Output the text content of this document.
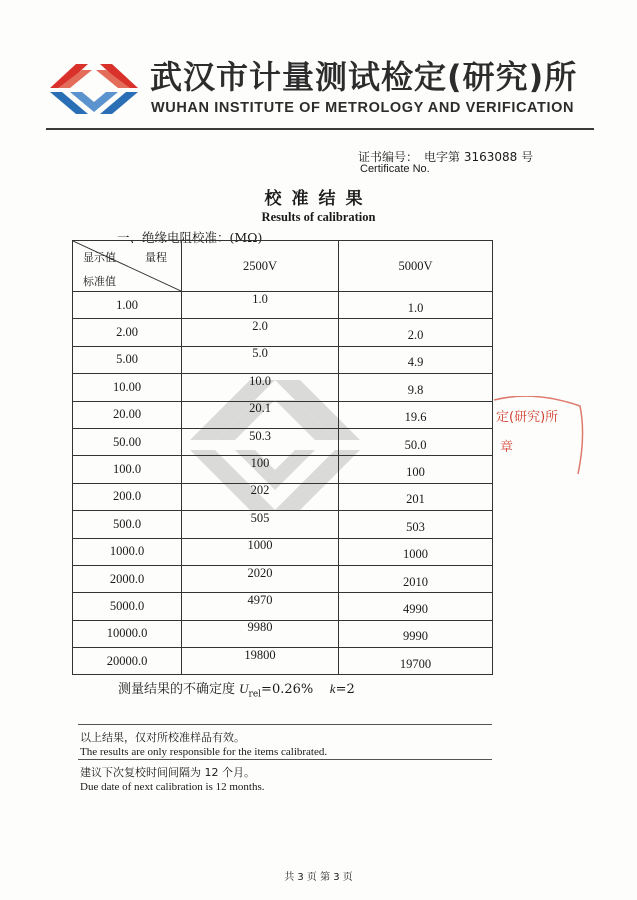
武汉市计量测试检定(研究)所
WUHAN INSTITUTE OF METROLOGY AND VERIFICATION
证书编号： 电字第 3163088 号
Certificate No.
校准结果
Results of calibration
一、绝缘电阻校准：(MΩ)
显示值 量程
标准值	2500V	5000V
1.00	1.0	1.0
2.00	2.0	2.0
5.00	5.0	4.9
10.00	10.0	9.8
20.00	20.1	19.6
50.00	50.3	50.0
100.0	100	100
200.0	202	201
500.0	505	503
1000.0	1000	1000
2000.0	2020	2010
5000.0	4970	4990
10000.0	9980	9990
20000.0	19800	19700
定(研究)所
章
测量结果的不确定度 $U_{rel}=0.26\%$ k=2
以上结果，仅对所校准样品有效。
The results are only responsible for the items calibrated.
建议下次复校时间间隔为 12 个月。
Due date of next calibration is 12 months.
共 3 页 第 3 页
